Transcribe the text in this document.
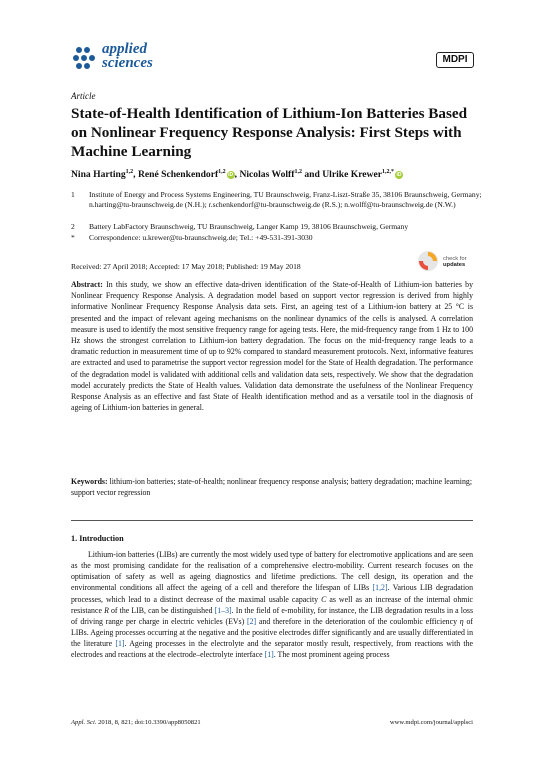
applied
sciences	MDPI
Article
State-of-Health Identification of Lithium-Ion Batteries Based on Nonlinear Frequency Response Analysis: First Steps with Machine Learning
Nina Harting$^{1,2}$, René Schenkendorf$^{1,2}$iD , Nicolas Wolff$^{1,2}$ and Ulrike Krewer$^{1,2,*}$iD
1	Institute of Energy and Process Systems Engineering, TU Braunschweig, Franz-Liszt-Straße 35, 38106 Braunschweig, Germany; n.harting@tu-braunschweig.de (N.H.); r.schenkendorf@tu-braunschweig.de (R.S.); n.wolff@tu-braunschweig.de (N.W.)
2	Battery LabFactory Braunschweig, TU Braunschweig, Langer Kamp 19, 38106 Braunschweig, Germany
*	Correspondence: u.krewer@tu-braunschweig.de; Tel.: +49-531-391-3030
Received: 27 April 2018; Accepted: 17 May 2018; Published: 19 May 2018
check for
updates
Abstract: In this study, we show an effective data-driven identification of the State-of-Health of Lithium-ion batteries by Nonlinear Frequency Response Analysis. A degradation model based on support vector regression is derived from highly informative Nonlinear Frequency Response Analysis data sets. First, an ageing test of a Lithium-ion battery at 25 °C is presented and the impact of relevant ageing mechanisms on the nonlinear dynamics of the cells is analysed. A correlation measure is used to identify the most sensitive frequency range for ageing tests. Here, the mid-frequency range from 1 Hz to 100 Hz shows the strongest correlation to Lithium-ion battery degradation. The focus on the mid-frequency range leads to a dramatic reduction in measurement time of up to 92% compared to standard measurement protocols. Next, informative features are extracted and used to parametrise the support vector regression model for the State of Health degradation. The performance of the degradation model is validated with additional cells and validation data sets, respectively. We show that the degradation model accurately predicts the State of Health values. Validation data demonstrate the usefulness of the Nonlinear Frequency Response Analysis as an effective and fast State of Health identification method and as a versatile tool in the diagnosis of ageing of Lithium-ion batteries in general.
Keywords: lithium-ion batteries; state-of-health; nonlinear frequency response analysis; battery degradation; machine learning; support vector regression
1. Introduction

Lithium-ion batteries (LIBs) are currently the most widely used type of battery for electromotive applications and are seen as the most promising candidate for the realisation of a comprehensive electro-mobility. Current research focuses on the optimisation of safety as well as ageing diagnostics and lifetime predictions. The cell design, its operation and the environmental conditions all affect the ageing of a cell and therefore the lifespan of LIBs [1,2]. Various LIB degradation processes, which lead to a distinct decrease of the maximal usable capacity C as well as an increase of the internal ohmic resistance R of the LIB, can be distinguished [1–3]. In the field of e-mobility, for instance, the LIB degradation results in a loss of driving range per charge in electric vehicles (EVs) [2] and therefore in the deterioration of the coulombic efficiency η of LIBs. Ageing processes occurring at the negative and the positive electrodes differ significantly and are usually differentiated in the literature [1]. Ageing processes in the electrolyte and the separator mostly result, respectively, from reactions with the electrodes and reactions at the electrode–electrolyte interface [1]. The most prominent ageing process

Appl. Sci. 2018, 8, 821; doi:10.3390/app8050821	www.mdpi.com/journal/applsci
